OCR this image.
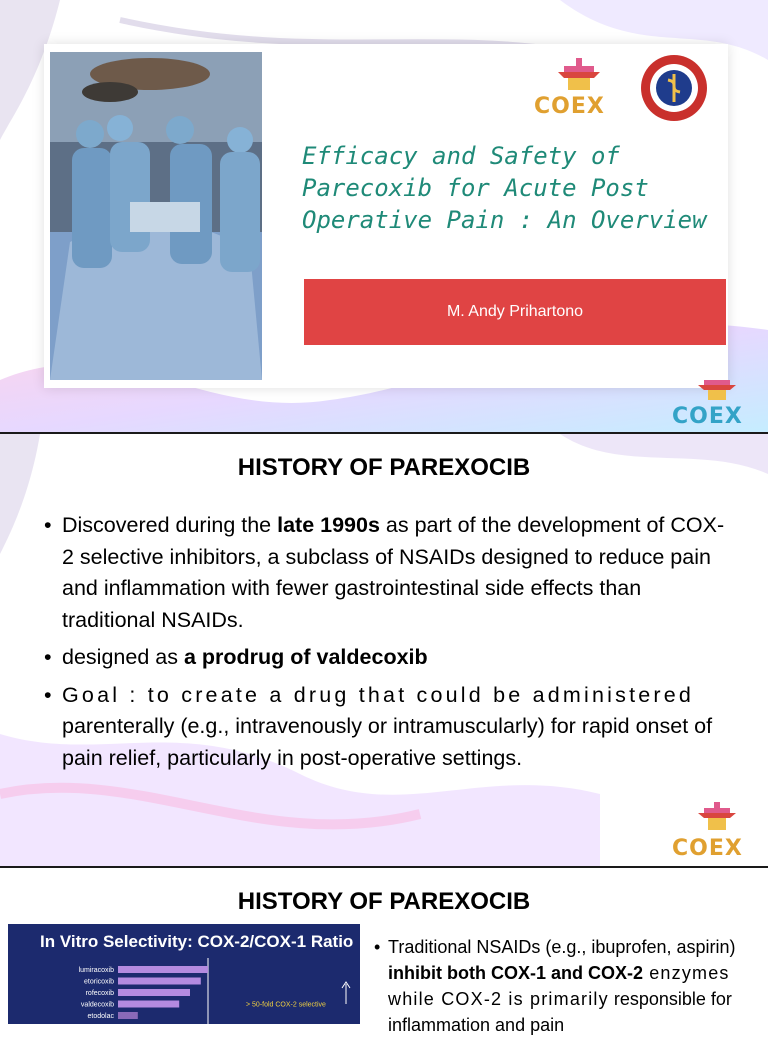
Efficacy and Safety of Parecoxib for Acute Post Operative Pain : An Overview
M. Andy Prihartono
COEX
COEX
HISTORY OF PAREXOCIB
• Discovered during the late 1990s as part of the development of COX-2 selective inhibitors, a subclass of NSAIDs designed to reduce pain and inflammation with fewer gastrointestinal side effects than traditional NSAIDs.
• designed as a prodrug of valdecoxib
• Goal : to create a drug that could be administered parenterally (e.g., intravenously or intramuscularly) for rapid onset of pain relief, particularly in post-operative settings.
COEX
HISTORY OF PAREXOCIB
In Vitro Selectivity: COX-2/COX-1 Ratio
lumiracoxib
etoricoxib
rofecoxib
valdecoxib
etodolac
> 50-fold COX-2 selective
• Traditional NSAIDs (e.g., ibuprofen, aspirin) inhibit both COX-1 and COX-2 enzymes while COX-2 is primarily responsible for inflammation and pain
